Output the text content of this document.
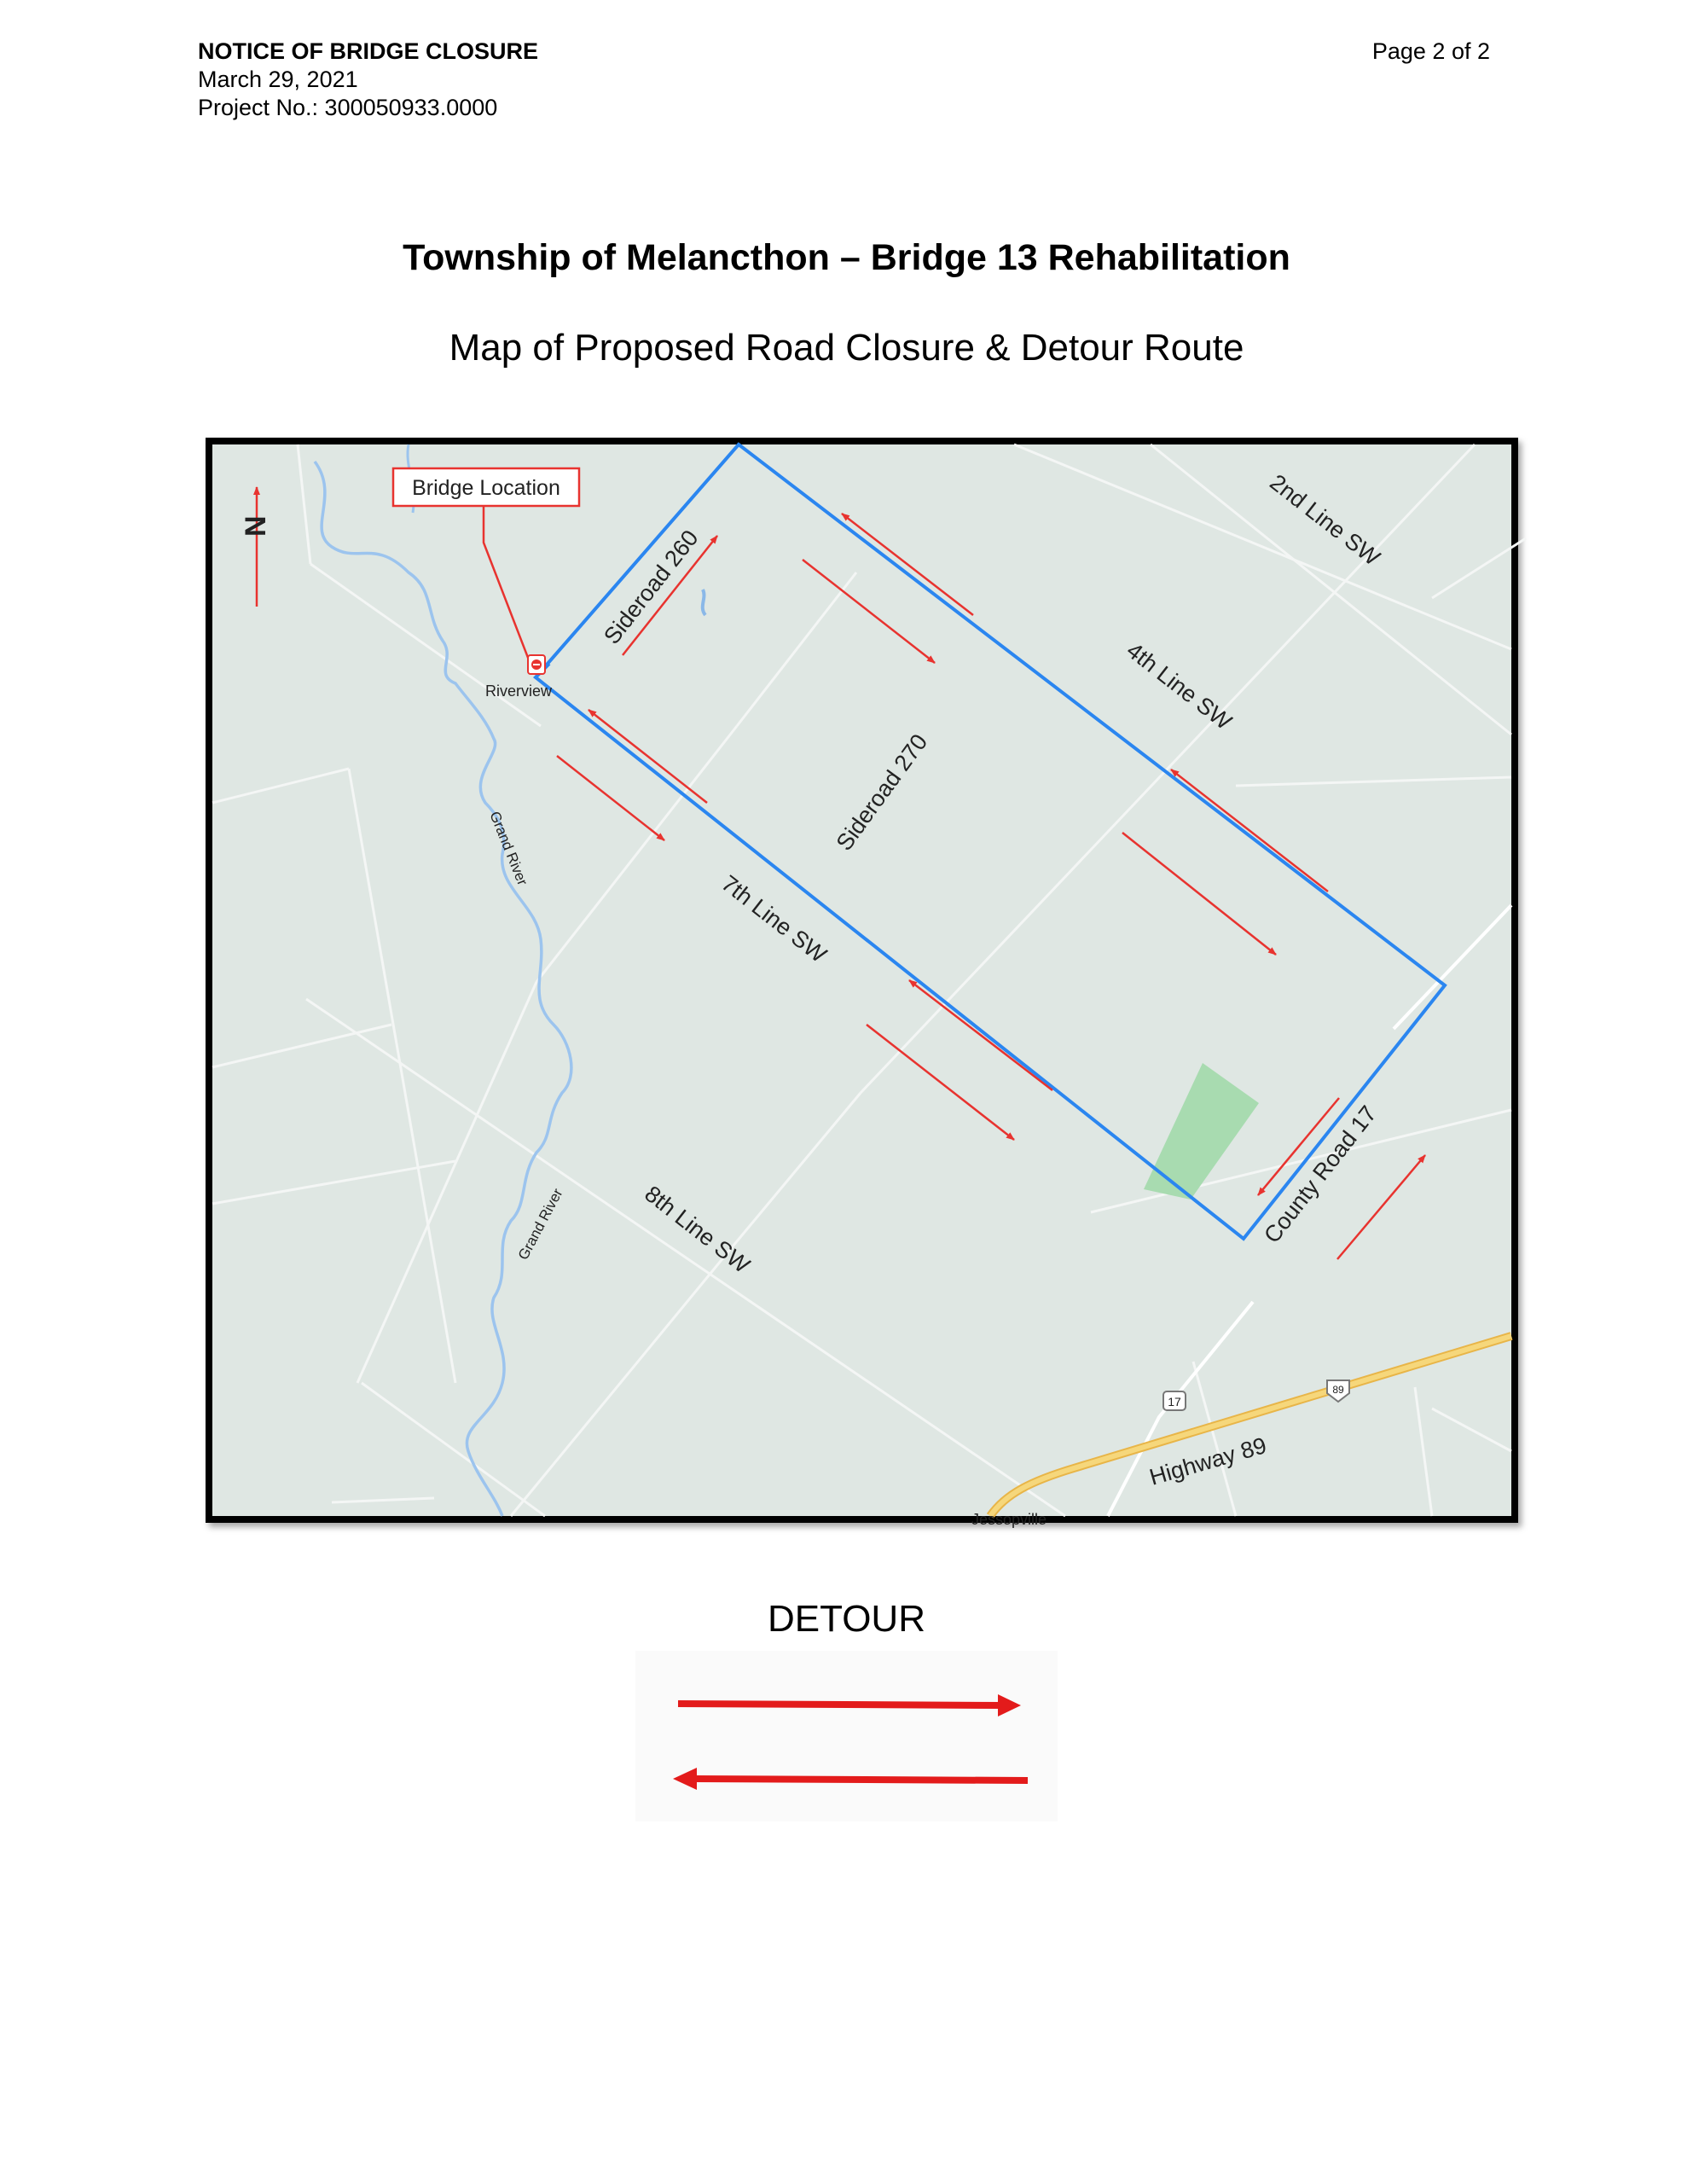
NOTICE OF BRIDGE CLOSURE
March 29, 2021
Project No.: 300050933.0000
Page 2 of 2
Township of Melancthon – Bridge 13 Rehabilitation
Map of Proposed Road Closure & Detour Route
N
Bridge Location
Riverview
Sideroad 260
Sideroad 270
2nd Line SW
4th Line SW
7th Line SW
8th Line SW	County Road 17
Highway 89
Grand River
Grand River
Jessopville
17
89
DETOUR
